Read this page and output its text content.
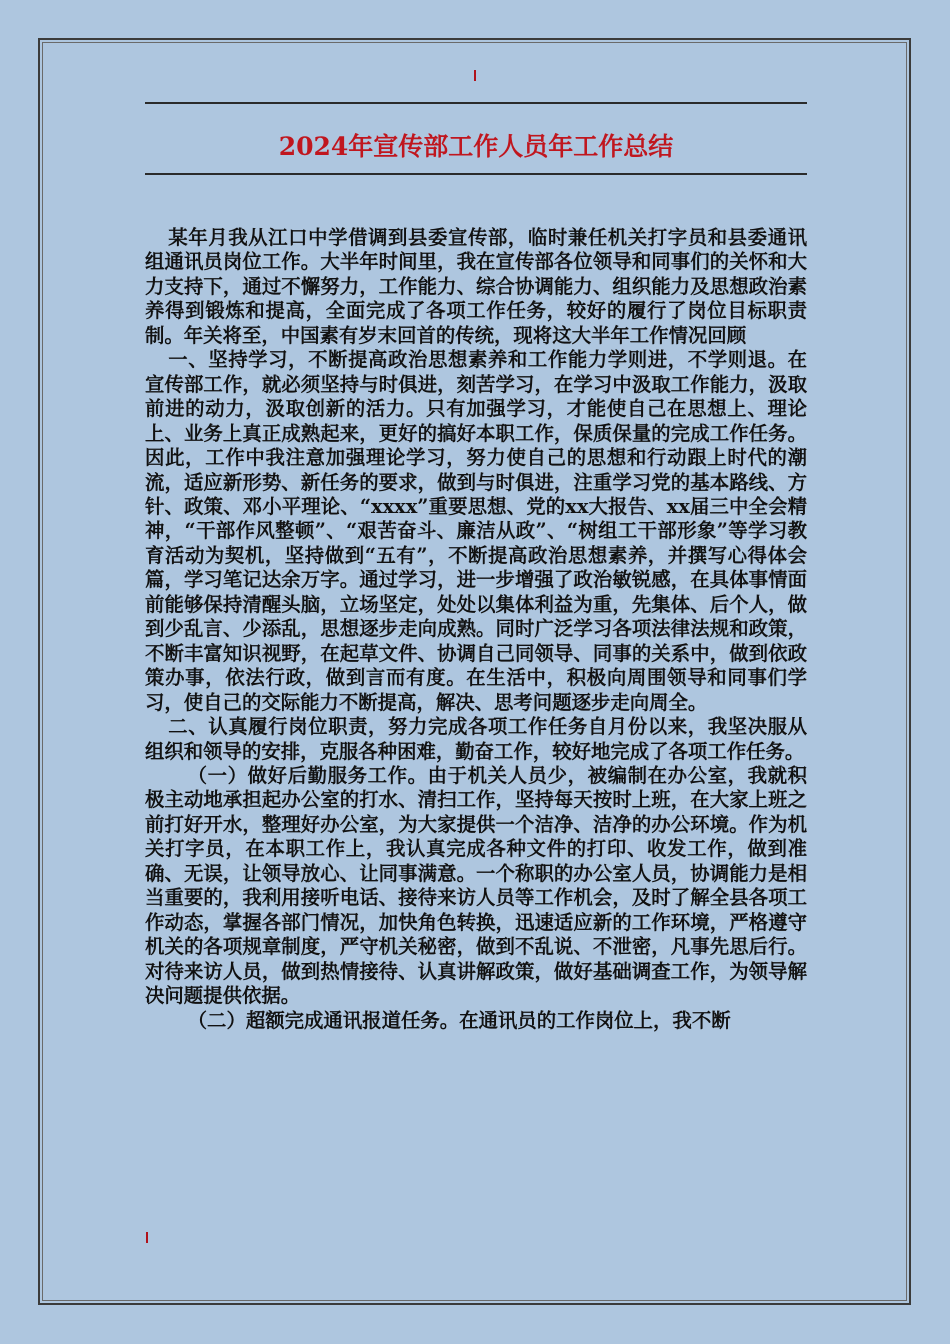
2024年宣传部工作人员年工作总结

某年月我从江口中学借调到县委宣传部，临时兼任机关打字员和县委通讯组通讯员岗位工作。大半年时间里，我在宣传部各位领导和同事们的关怀和大力支持下，通过不懈努力，工作能力、综合协调能力、组织能力及思想政治素养得到锻炼和提高，全面完成了各项工作任务，较好的履行了岗位目标职责制。年关将至，中国素有岁末回首的传统，现将这大半年工作情况回顾

一、坚持学习，不断提高政治思想素养和工作能力学则进，不学则退。在宣传部工作，就必须坚持与时俱进，刻苦学习，在学习中汲取工作能力，汲取前进的动力，汲取创新的活力。只有加强学习，才能使自己在思想上、理论上、业务上真正成熟起来，更好的搞好本职工作，保质保量的完成工作任务。因此，工作中我注意加强理论学习，努力使自己的思想和行动跟上时代的潮流，适应新形势、新任务的要求，做到与时俱进，注重学习党的基本路线、方针、政策、邓小平理论、“xxxx”重要思想、党的xx大报告、xx届三中全会精神，“干部作风整顿”、“艰苦奋斗、廉洁从政”、“树组工干部形象”等学习教育活动为契机，坚持做到“五有”，不断提高政治思想素养，并撰写心得体会篇，学习笔记达余万字。通过学习，进一步增强了政治敏锐感，在具体事情面前能够保持清醒头脑，立场坚定，处处以集体利益为重，先集体、后个人，做到少乱言、少添乱，思想逐步走向成熟。同时广泛学习各项法律法规和政策，不断丰富知识视野，在起草文件、协调自己同领导、同事的关系中，做到依政策办事，依法行政，做到言而有度。在生活中，积极向周围领导和同事们学习，使自己的交际能力不断提高，解决、思考问题逐步走向周全。

二、认真履行岗位职责，努力完成各项工作任务自月份以来，我坚决服从组织和领导的安排，克服各种困难，勤奋工作，较好地完成了各项工作任务。

（一）做好后勤服务工作。由于机关人员少，被编制在办公室，我就积极主动地承担起办公室的打水、清扫工作，坚持每天按时上班，在大家上班之前打好开水，整理好办公室，为大家提供一个洁净、洁净的办公环境。作为机关打字员，在本职工作上，我认真完成各种文件的打印、收发工作，做到准确、无误，让领导放心、让同事满意。一个称职的办公室人员，协调能力是相当重要的，我利用接听电话、接待来访人员等工作机会，及时了解全县各项工作动态，掌握各部门情况，加快角色转换，迅速适应新的工作环境，严格遵守机关的各项规章制度，严守机关秘密，做到不乱说、不泄密，凡事先思后行。对待来访人员，做到热情接待、认真讲解政策，做好基础调查工作，为领导解决问题提供依据。

（二）超额完成通讯报道任务。在通讯员的工作岗位上，我不断
